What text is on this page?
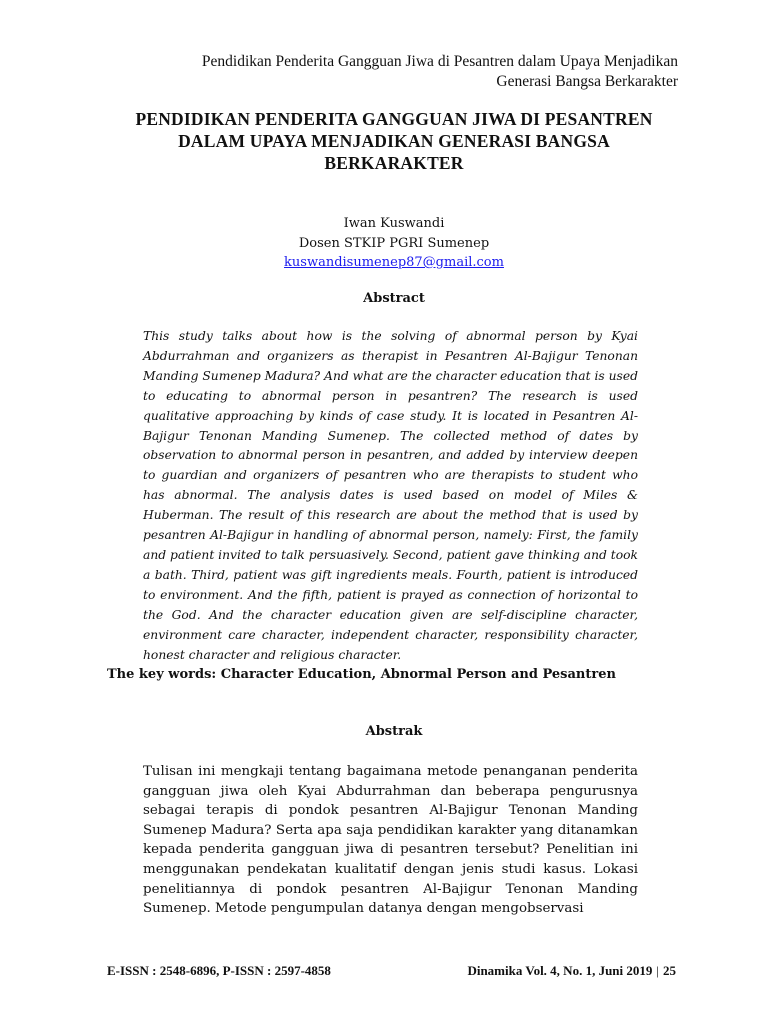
Pendidikan Penderita Gangguan Jiwa di Pesantren dalam Upaya Menjadikan
Generasi Bangsa Berkarakter
PENDIDIKAN PENDERITA GANGGUAN JIWA DI PESANTREN
DALAM UPAYA MENJADIKAN GENERASI BANGSA
BERKARAKTER
Iwan Kuswandi
Dosen STKIP PGRI Sumenep
kuswandisumenep87@gmail.com
Abstract
This study talks about how is the solving of abnormal person by Kyai Abdurrahman and organizers as therapist in Pesantren Al-Bajigur Tenonan Manding Sumenep Madura? And what are the character education that is used to educating to abnormal person in pesantren? The research is used qualitative approaching by kinds of case study. It is located in Pesantren Al-Bajigur Tenonan Manding Sumenep. The collected method of dates by observation to abnormal person in pesantren, and added by interview deepen to guardian and organizers of pesantren who are therapists to student who has abnormal. The analysis dates is used based on model of Miles & Huberman. The result of this research are about the method that is used by pesantren Al-Bajigur in handling of abnormal person, namely: First, the family and patient invited to talk persuasively. Second, patient gave thinking and took a bath. Third, patient was gift ingredients meals. Fourth, patient is introduced to environment. And the fifth, patient is prayed as connection of horizontal to the God. And the character education given are self-discipline character, environment care character, independent character, responsibility character, honest character and religious character.
The key words: Character Education, Abnormal Person and Pesantren
Abstrak
Tulisan ini mengkaji tentang bagaimana metode penanganan penderita gangguan jiwa oleh Kyai Abdurrahman dan beberapa pengurusnya sebagai terapis di pondok pesantren Al-Bajigur Tenonan Manding Sumenep Madura? Serta apa saja pendidikan karakter yang ditanamkan kepada penderita gangguan jiwa di pesantren tersebut? Penelitian ini menggunakan pendekatan kualitatif dengan jenis studi kasus. Lokasi penelitiannya di pondok pesantren Al-Bajigur Tenonan Manding Sumenep. Metode pengumpulan datanya dengan mengobservasi
E-ISSN : 2548-6896, P-ISSN : 2597-4858	Dinamika Vol. 4, No. 1, Juni 2019 | 25
